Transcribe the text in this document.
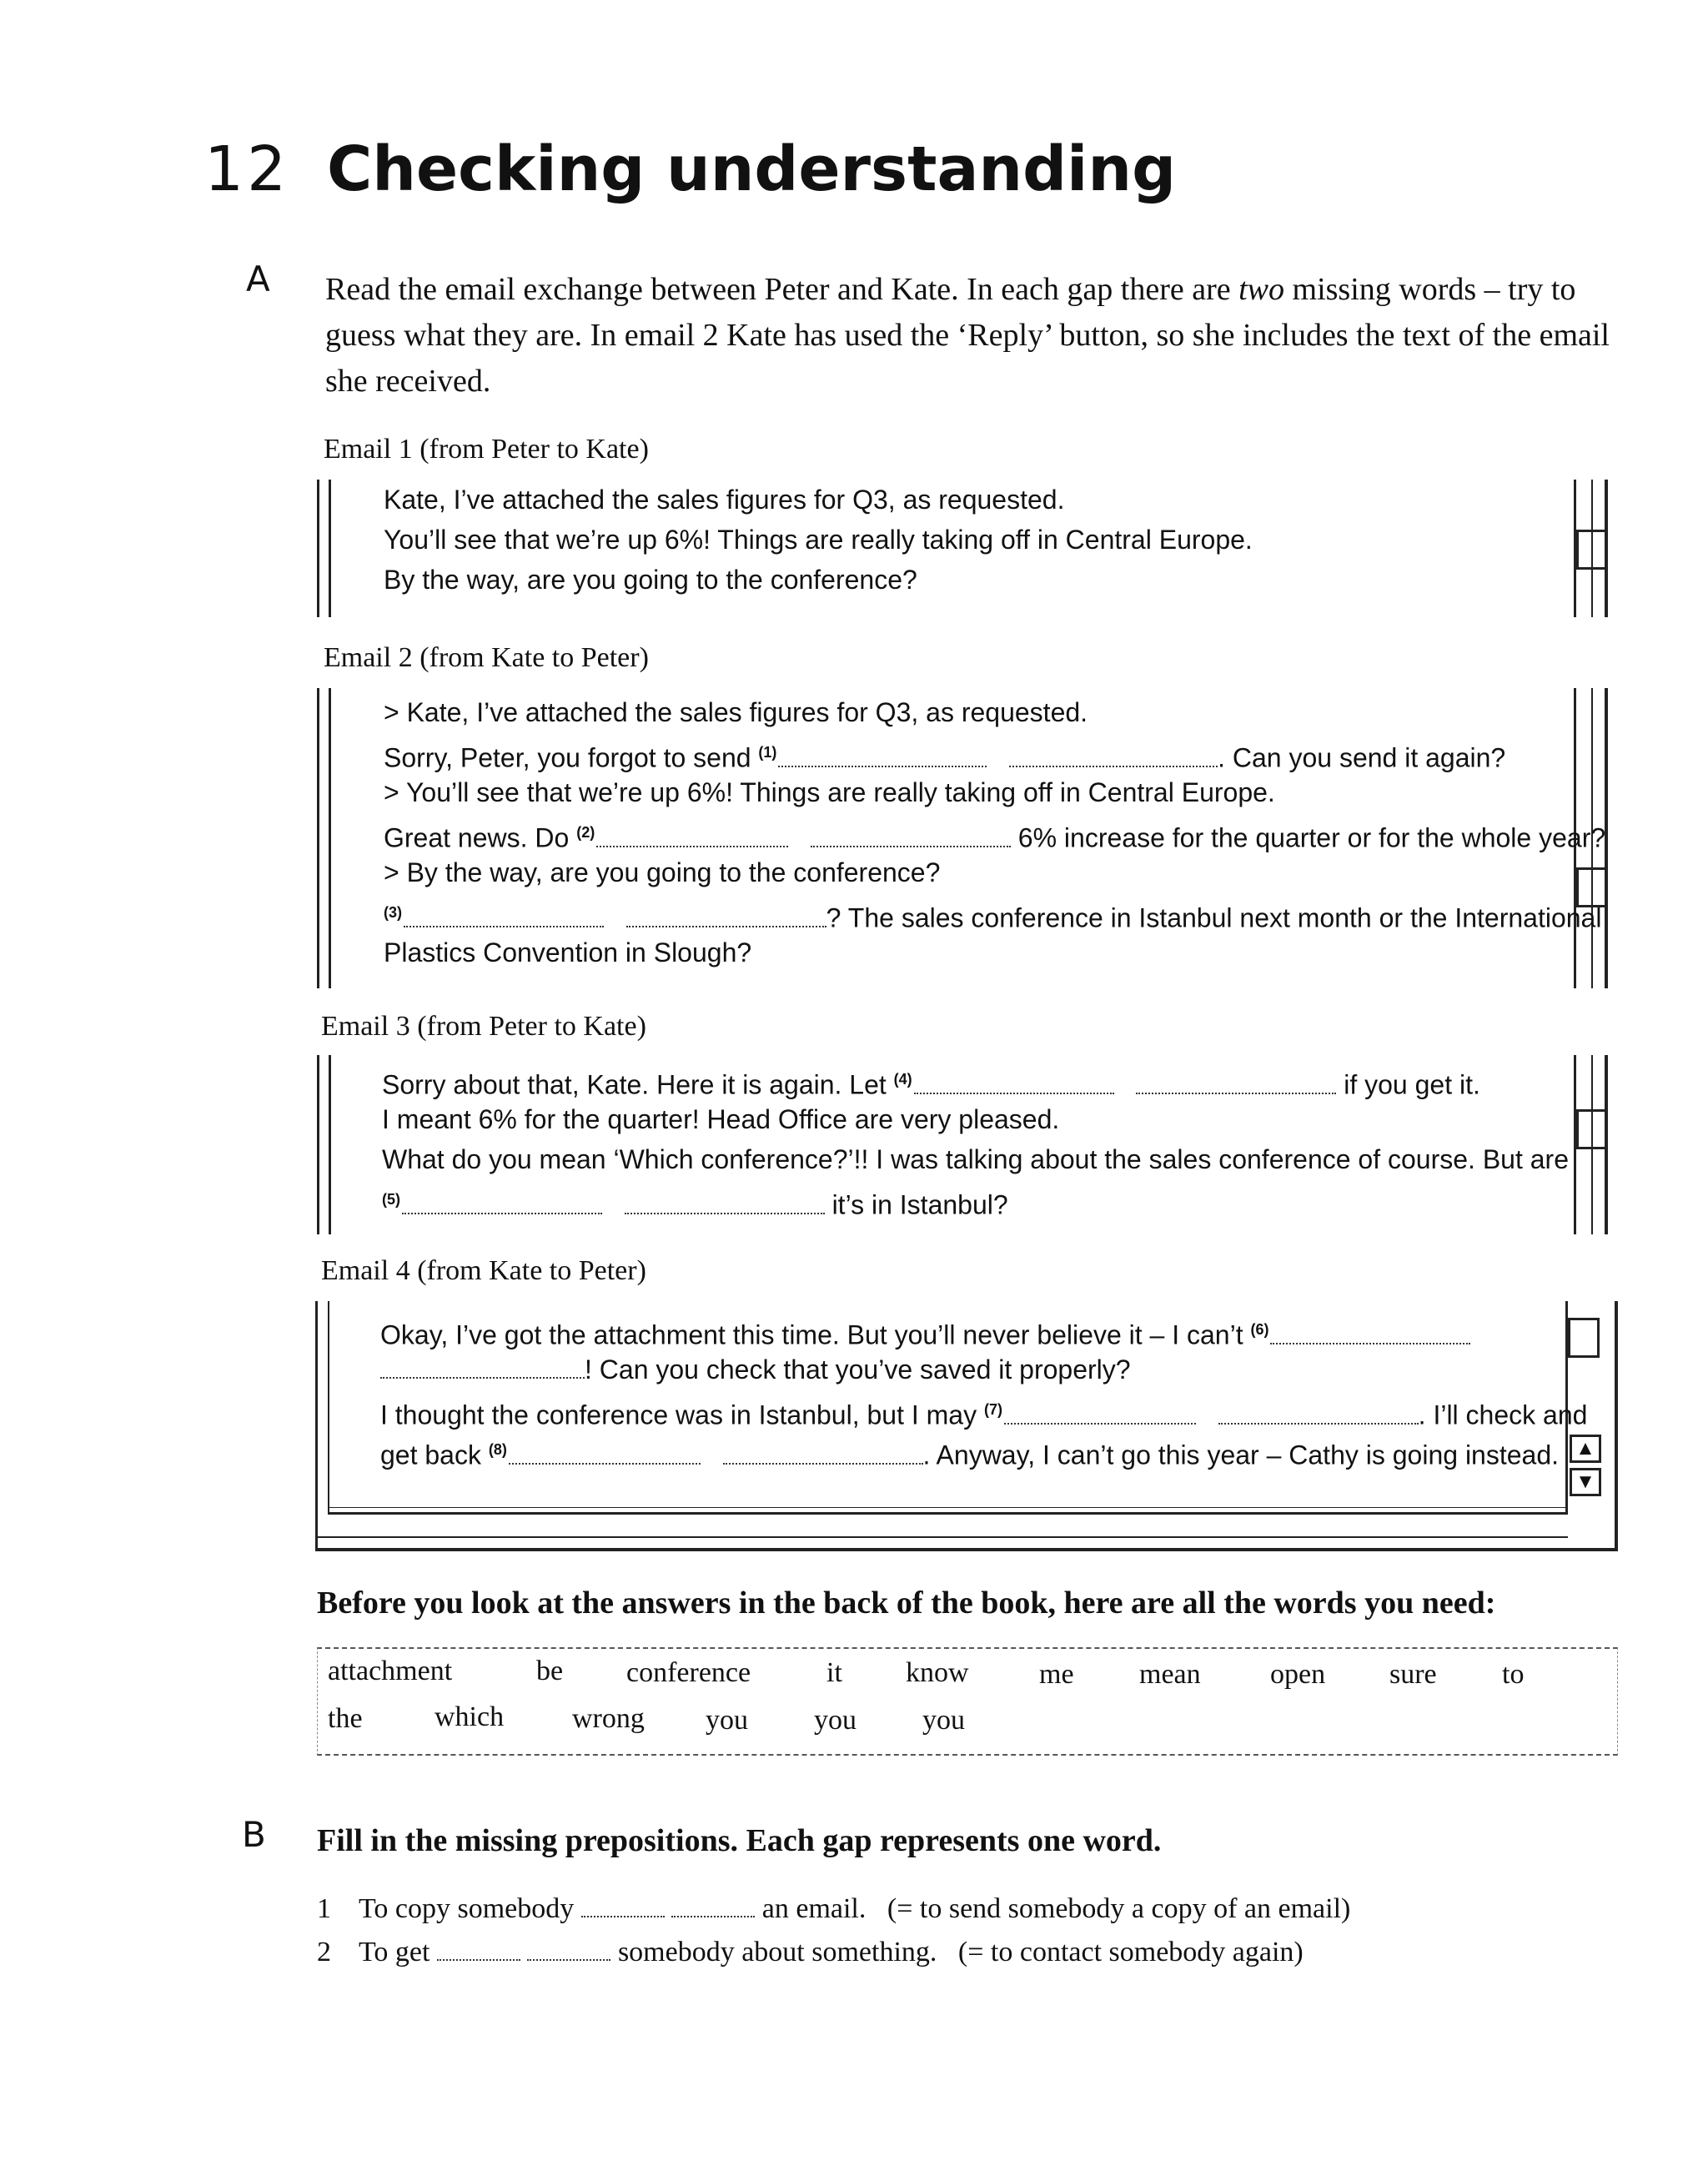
12 Checking understanding
A Read the email exchange between Peter and Kate. In each gap there are two missing words – try to guess what they are. In email 2 Kate has used the ‘Reply’ button, so she includes the text of the email she received.
Email 1 (from Peter to Kate)
Kate, I’ve attached the sales figures for Q3, as requested.
You’ll see that we’re up 6%! Things are really taking off in Central Europe.
By the way, are you going to the conference?
Email 2 (from Kate to Peter)
> Kate, I’ve attached the sales figures for Q3, as requested.
Sorry, Peter, you forgot to send $^{(1)}$	. Can you send it again?
> You’ll see that we’re up 6%! Things are really taking off in Central Europe.
Great news. Do $^{(2)}$	6% increase for the quarter or for the whole year?
> By the way, are you going to the conference?
$^{(3)}$	? The sales conference in Istanbul next month or the International
Plastics Convention in Slough?
Email 3 (from Peter to Kate)
Sorry about that, Kate. Here it is again. Let $^{(4)}$	if you get it.
I meant 6% for the quarter! Head Office are very pleased.
What do you mean ‘Which conference?’!! I was talking about the sales conference of course. But are
$^{(5)}$	it’s in Istanbul?
Email 4 (from Kate to Peter)
▲
▼
Okay, I’ve got the attachment this time. But you’ll never believe it – I can’t $^{(6)}$
! Can you check that you’ve saved it properly?
I thought the conference was in Istanbul, but I may $^{(7)}$	. I’ll check and
get back $^{(8)}$	. Anyway, I can’t go this year – Cathy is going instead.
Before you look at the answers in the back of the book, here are all the words you need:
attachment	be conference	it know me mean open sure to
the	which wrong you you you
B Fill in the missing prepositions. Each gap represents one word.
1 To copy somebody	an email. (= to send somebody a copy of an email)
2 To get	somebody about something. (= to contact somebody again)
